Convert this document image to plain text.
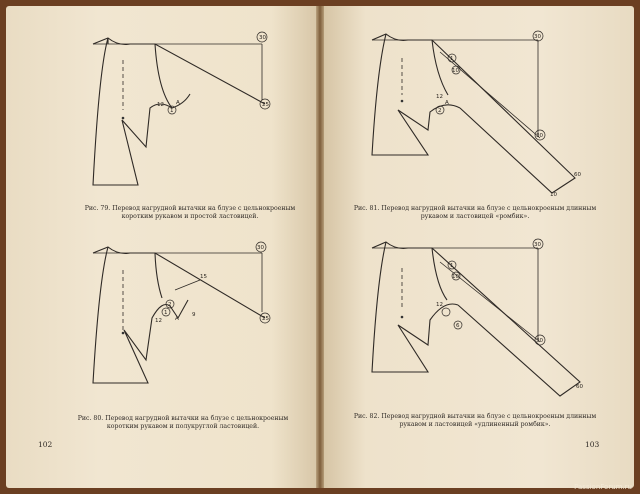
30
25
12 A
1
Рис. 79. Перевод нагрудной вытачки на блузе с цельнокроеным коротким рукавом и простой ластовицей.
30
25
15
12 A
9
2
1
Рис. 80. Перевод нагрудной вытачки на блузе с цельнокроеным коротким рукавом и полукруглой ластовицей.
102
30
10
1
12
A
2
30
60
10
Рис. 81. Перевод нагрудной вытачки на блузе с цельнокроеным длинным рукавом и ластовицей «ромбик».
30
10
1
12
6
30
60
Рис. 82. Перевод нагрудной вытачки на блузе с цельнокроеным длинным рукавом и ластовицей «удлиненный ромбик».
103
PassionForum.ru
